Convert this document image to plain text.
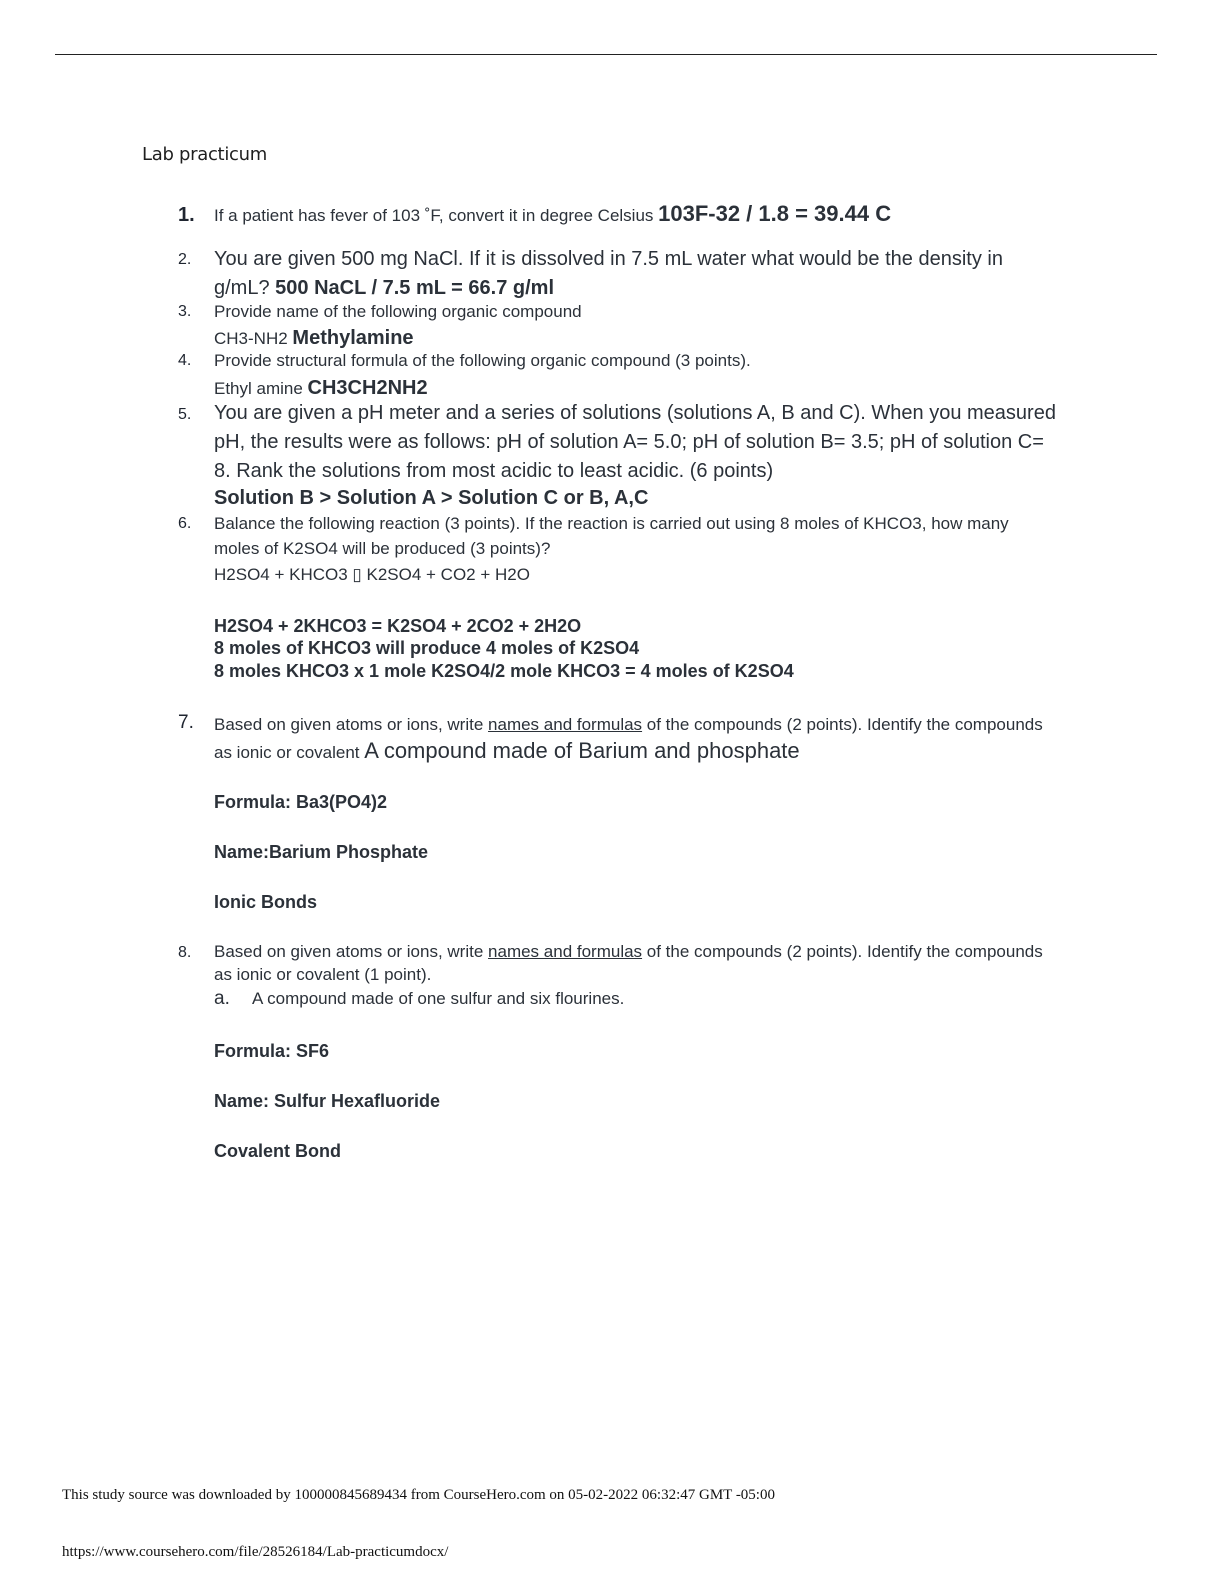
Lab practicum
1. If a patient has fever of 103 ˚F, convert it in degree Celsius 103F-32 / 1.8 = 39.44 C
2. You are given 500 mg NaCl. If it is dissolved in 7.5 mL water what would be the density in g/mL? 500 NaCL / 7.5 mL = 66.7 g/ml
3. Provide name of the following organic compound
CH3-NH2 Methylamine
4. Provide structural formula of the following organic compound (3 points).
Ethyl amine CH3CH2NH2
5. You are given a pH meter and a series of solutions (solutions A, B and C). When you measured pH, the results were as follows: pH of solution A= 5.0; pH of solution B= 3.5; pH of solution C= 8. Rank the solutions from most acidic to least acidic. (6 points)
Solution B > Solution A > Solution C or B, A,C
6. Balance the following reaction (3 points). If the reaction is carried out using 8 moles of KHCO3, how many moles of K2SO4 will be produced (3 points)?
H2SO4 + KHCO3 ▯ K2SO4 + CO2 + H2O
H2SO4 + 2KHCO3 = K2SO4 + 2CO2 + 2H2O
8 moles of KHCO3 will produce 4 moles of K2SO4
8 moles KHCO3 x 1 mole K2SO4/2 mole KHCO3 = 4 moles of K2SO4
7. Based on given atoms or ions, write names and formulas of the compounds (2 points). Identify the compounds as ionic or covalent A compound made of Barium and phosphate
Formula: Ba3(PO4)2
Name:Barium Phosphate
Ionic Bonds
8. Based on given atoms or ions, write names and formulas of the compounds (2 points). Identify the compounds as ionic or covalent (1 point).
a. A compound made of one sulfur and six flourines.
Formula: SF6
Name: Sulfur Hexafluoride
Covalent Bond
This study source was downloaded by 100000845689434 from CourseHero.com on 05-02-2022 06:32:47 GMT -05:00
https://www.coursehero.com/file/28526184/Lab-practicumdocx/
